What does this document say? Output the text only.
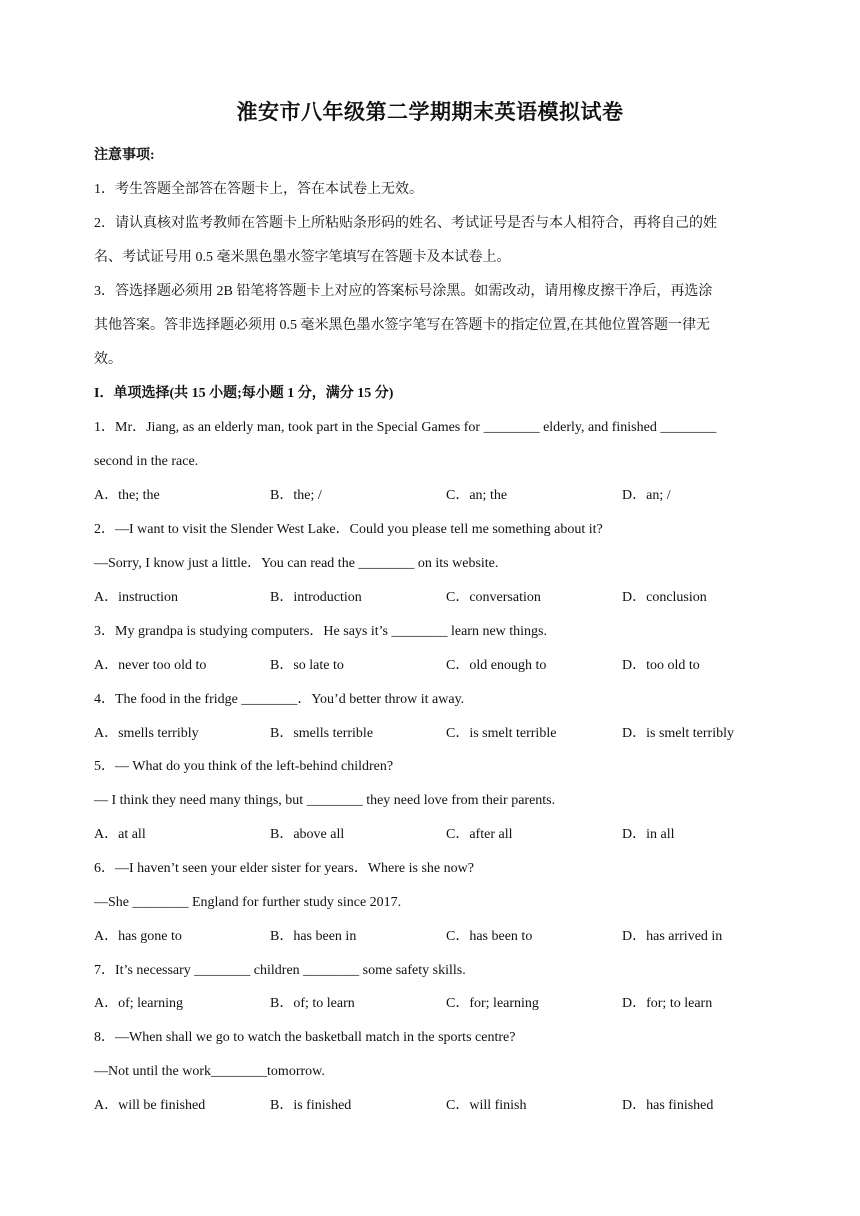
淮安市八年级第二学期期末英语模拟试卷
注意事项:
1．考生答题全部答在答题卡上，答在本试卷上无效。
2．请认真核对监考教师在答题卡上所粘贴条形码的姓名、考试证号是否与本人相符合，再将自己的姓
名、考试证号用 0.5 毫米黑色墨水签字笔填写在答题卡及本试卷上。
3．答选择题必须用 2B 铅笔将答题卡上对应的答案标号涂黑。如需改动，请用橡皮擦干净后，再选涂
其他答案。答非选择题必须用 0.5 毫米黑色墨水签字笔写在答题卡的指定位置,在其他位置答题一律无
效。
I．单项选择(共 15 小题;每小题 1 分，满分 15 分)
1．Mr．Jiang, as an elderly man, took part in the Special Games for ________ elderly, and finished ________
second in the race.
A．the; the	B．the; /	C．an; the	D．an; /
2．—I want to visit the Slender West Lake．Could you please tell me something about it?
—Sorry, I know just a little．You can read the ________ on its website.
A．instruction	B．introduction	C．conversation	D．conclusion
3．My grandpa is studying computers．He says it’s ________ learn new things.
A．never too old to	B．so late to	C．old enough to	D．too old to
4．The food in the fridge ________．You’d better throw it away.
A．smells terribly	B．smells terrible	C．is smelt terrible	D．is smelt terribly
5．— What do you think of the left-behind children?
— I think they need many things, but ________ they need love from their parents.
A．at all	B．above all	C．after all	D．in all
6．—I haven’t seen your elder sister for years．Where is she now?
—She ________ England for further study since 2017.
A．has gone to	B．has been in	C．has been to	D．has arrived in
7．It’s necessary ________ children ________ some safety skills.
A．of; learning	B．of; to learn	C．for; learning	D．for; to learn
8．—When shall we go to watch the basketball match in the sports centre?
—Not until the work________tomorrow.
A．will be finished	B．is finished	C．will finish	D．has finished
